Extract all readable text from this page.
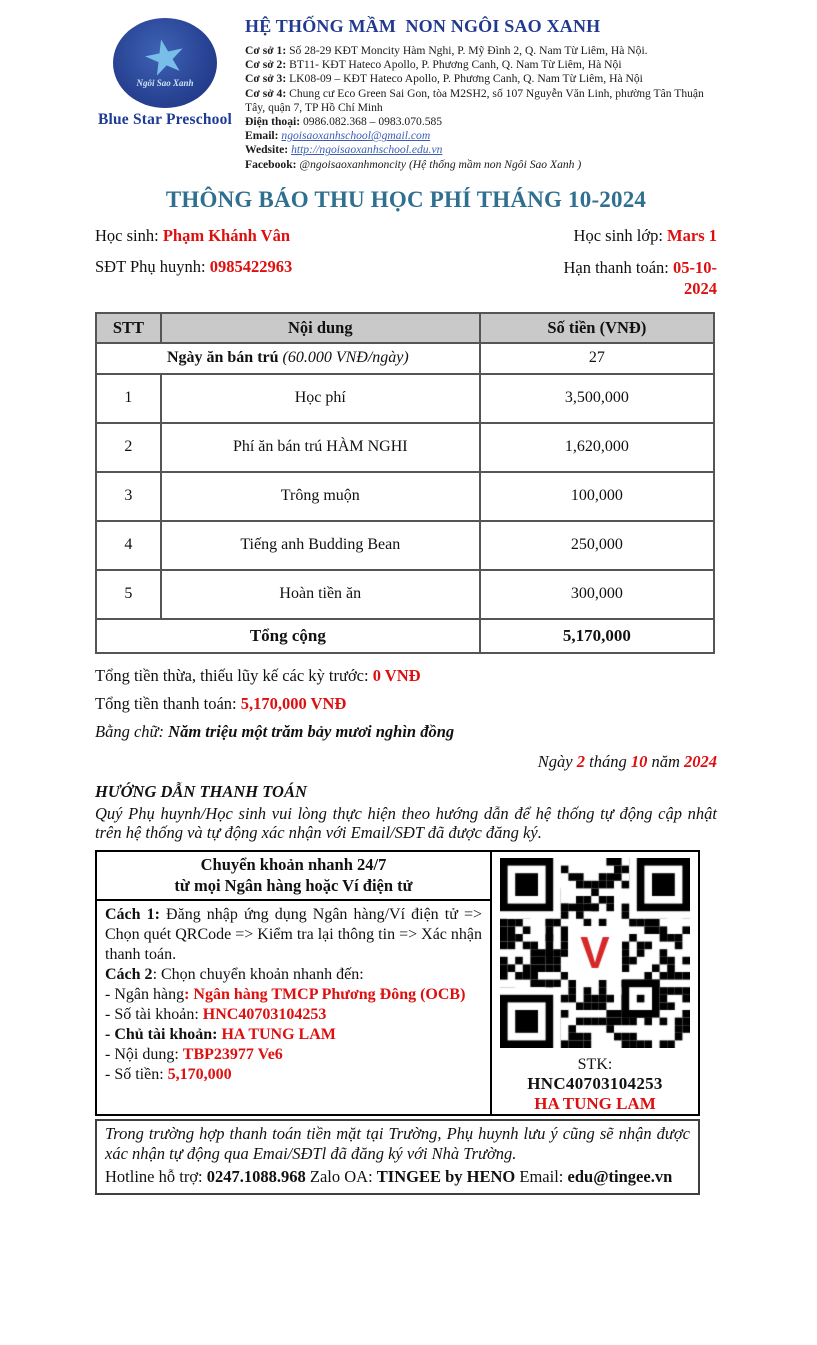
Ngôi Sao Xanh
Blue Star Preschool
HỆ THỐNG MẦM  NON NGÔI SAO XANH
Cơ sở 1: Số 28-29 KĐT Moncity Hàm Nghi, P. Mỹ Đình 2, Q. Nam Từ Liêm, Hà Nội.
Cơ sở 2: BT11- KĐT Hateco Apollo, P. Phương Canh, Q. Nam Từ Liêm, Hà Nội
Cơ sở 3: LK08-09 – KĐT Hateco Apollo, P. Phương Canh, Q. Nam Từ Liêm, Hà Nội
Cơ sở 4: Chung cư Eco Green Sai Gon, tòa M2SH2, số 107 Nguyễn Văn Linh, phường Tân Thuận Tây, quận 7, TP Hồ Chí Minh
Điện thoại: 0986.082.368 – 0983.070.585
Email: ngoisaoxanhschool@gmail.com
Wedsite: http://ngoisaoxanhschool.edu.vn
Facebook: @ngoisaoxanhmoncity (Hệ thống mầm non Ngôi Sao Xanh )
THÔNG BÁO THU HỌC PHÍ THÁNG 10-2024
Học sinh: Phạm Khánh Vân	Học sinh lớp: Mars 1
SĐT Phụ huynh: 0985422963	Hạn thanh toán: 05-10-2024
STT	Nội dung	Số tiền (VNĐ)
Ngày ăn bán trú (60.000 VNĐ/ngày)		27
1	Học phí	3,500,000
2	Phí ăn bán trú HÀM NGHI	1,620,000
3	Trông muộn	100,000
4	Tiếng anh Budding Bean	250,000
5	Hoàn tiền ăn	300,000
Tổng cộng		5,170,000
Tổng tiền thừa, thiếu lũy kế các kỳ trước: 0 VNĐ
Tổng tiền thanh toán: 5,170,000 VNĐ
Bằng chữ: Năm triệu một trăm bảy mươi nghìn đồng
Ngày 2 tháng 10 năm 2024
HƯỚNG DẪN THANH TOÁN
Quý Phụ huynh/Học sinh vui lòng thực hiện theo hướng dẫn để hệ thống tự động cập nhật trên hệ thống và tự động xác nhận với Email/SĐT đã được đăng ký.
Chuyển khoản nhanh 24/7
từ mọi Ngân hàng hoặc Ví điện tử
Cách 1: Đăng nhập ứng dụng Ngân hàng/Ví điện tử => Chọn quét QRCode => Kiểm tra lại thông tin => Xác nhận thanh toán.
Cách 2: Chọn chuyển khoản nhanh đến:
- Ngân hàng: Ngân hàng TMCP Phương Đông (OCB)
- Số tài khoản: HNC40703104253
- Chủ tài khoản: HA TUNG LAM
- Nội dung: TBP23977 Ve6
- Số tiền: 5,170,000
STK:
HNC40703104253
HA TUNG LAM
Trong trường hợp thanh toán tiền mặt tại Trường, Phụ huynh lưu ý cũng sẽ nhận được xác nhận tự động qua Emai/SĐTl đã đăng ký với Nhà Trường.
Hotline hỗ trợ: 0247.1088.968 Zalo OA: TINGEE by HENO Email: edu@tingee.vn
